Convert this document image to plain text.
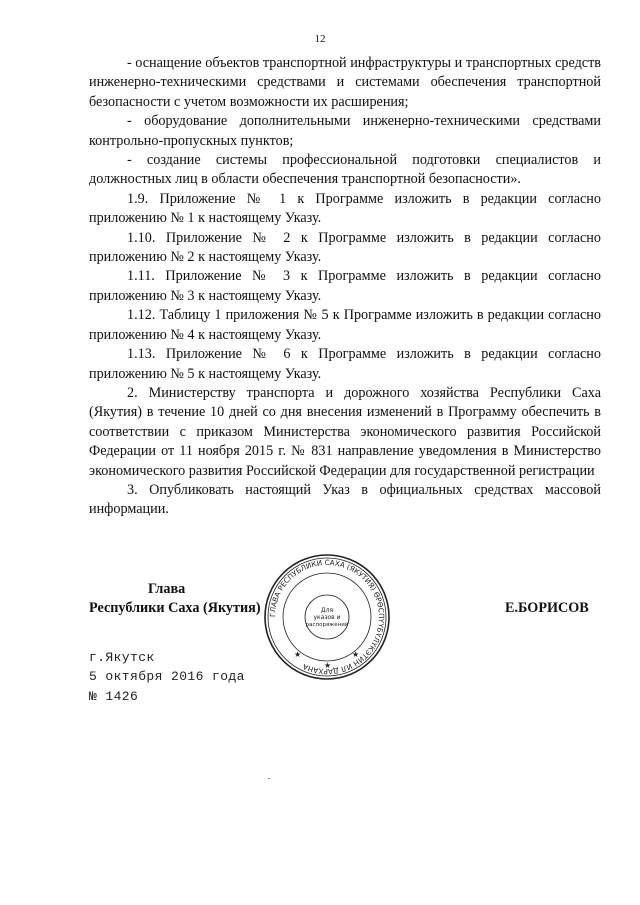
12

- оснащение объектов транспортной инфраструктуры и транспортных средств инженерно-техническими средствами и системами обеспечения транспортной безопасности с учетом возможности их расширения;

- оборудование дополнительными инженерно-техническими средствами контрольно-пропускных пунктов;

- создание системы профессиональной подготовки специалистов и должностных лиц в области обеспечения транспортной безопасности».

1.9. Приложение № 1 к Программе изложить в редакции согласно приложению № 1 к настоящему Указу.

1.10. Приложение № 2 к Программе изложить в редакции согласно приложению № 2 к настоящему Указу.

1.11. Приложение № 3 к Программе изложить в редакции согласно приложению № 3 к настоящему Указу.

1.12. Таблицу 1 приложения № 5 к Программе изложить в редакции согласно приложению № 4 к настоящему Указу.

1.13. Приложение № 6 к Программе изложить в редакции согласно приложению № 5 к настоящему Указу.

2. Министерству транспорта и дорожного хозяйства Республики Саха (Якутия) в течение 10 дней со дня внесения изменений в Программу обеспечить в соответствии с приказом Министерства экономического развития Российской Федерации от 11 ноября 2015 г. № 831 направление уведомления в Министерство экономического развития Российской Федерации для государственной регистрации

3. Опубликовать настоящий Указ в официальных средствах массовой информации.

Глава
Республики Саха (Якутия)	Е.БОРИСОВ
ГЛАВА РЕСПУБЛИКИ САХА (ЯКУТИЯ) ӨРӨСПҮҮБҮЛҮКЭТИН ИЛ ДАРХАНА
Для
указов и
распоряжений
★	★
★
г.Якутск
5 октября 2016 года
№ 1426
